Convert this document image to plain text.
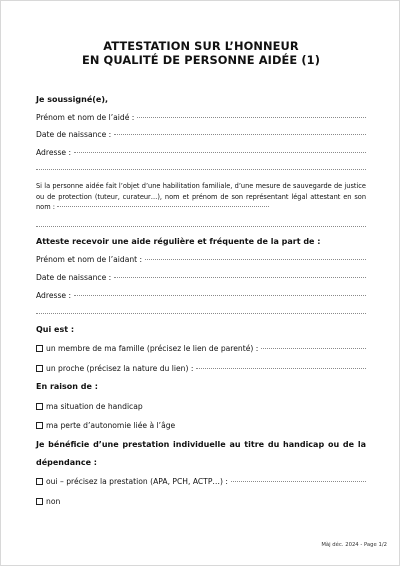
ATTESTATION SUR L’HONNEUR
EN QUALITÉ DE PERSONNE AIDÉE (1)
Je soussigné(e),
Prénom et nom de l’aidé :
Date de naissance :
Adresse :
Si la personne aidée fait l’objet d’une habilitation familiale, d’une mesure de sauvegarde de justice ou de protection (tuteur, curateur…), nom et prénom de son représentant légal attestant en son nom :
Atteste recevoir une aide régulière et fréquente de la part de :
Prénom et nom de l’aidant :
Date de naissance :
Adresse :
Qui est :
un membre de ma famille (précisez le lien de parenté) :
un proche (précisez la nature du lien) :
En raison de :
ma situation de handicap
ma perte d’autonomie liée à l’âge
Je bénéficie d’une prestation individuelle au titre du handicap ou de la
dépendance :
oui – précisez la prestation (APA, PCH, ACTP…) :
non
Màj déc. 2024 - Page 1/2
